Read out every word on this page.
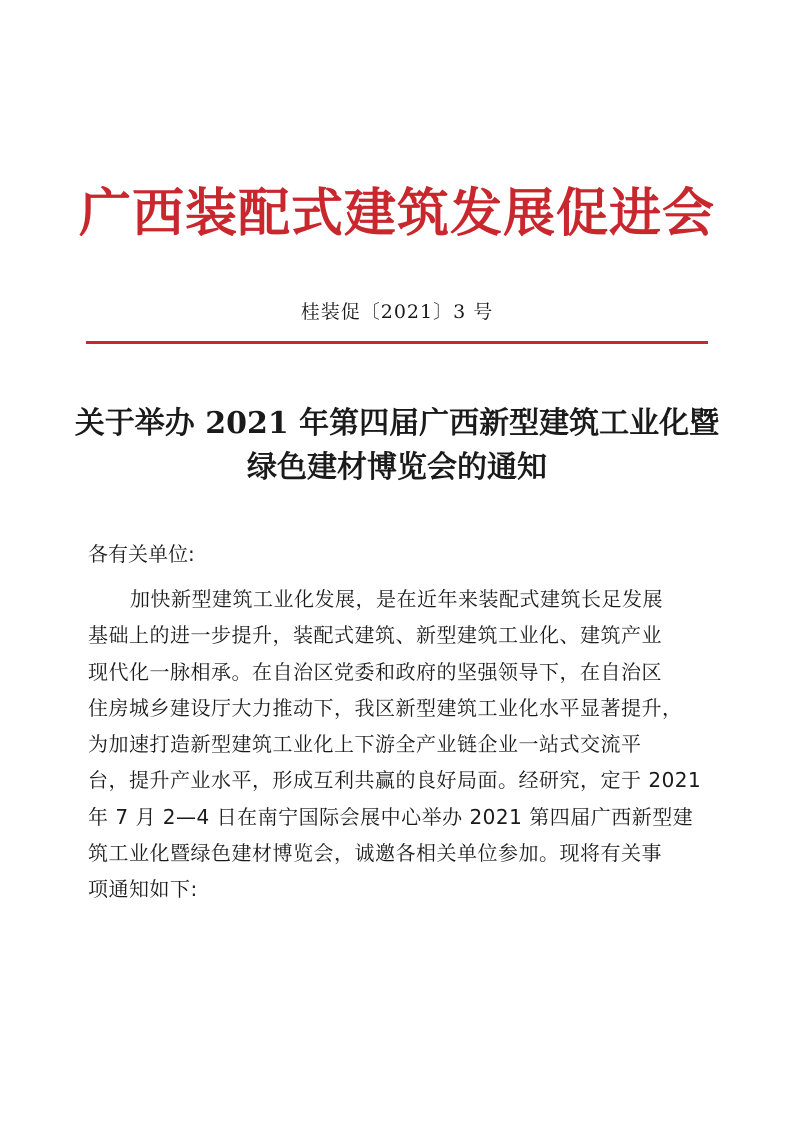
广西装配式建筑发展促进会
桂装促〔2021〕3 号
关于举办 2021 年第四届广西新型建筑工业化暨
绿色建材博览会的通知
各有关单位:
加快新型建筑工业化发展，是在近年来装配式建筑长足发展
基础上的进一步提升，装配式建筑、新型建筑工业化、建筑产业
现代化一脉相承。在自治区党委和政府的坚强领导下，在自治区
住房城乡建设厅大力推动下，我区新型建筑工业化水平显著提升，
为加速打造新型建筑工业化上下游全产业链企业一站式交流平
台，提升产业水平，形成互利共赢的良好局面。经研究，定于 2021
年 7 月 2—4 日在南宁国际会展中心举办 2021 第四届广西新型建
筑工业化暨绿色建材博览会，诚邀各相关单位参加。现将有关事
项通知如下:
